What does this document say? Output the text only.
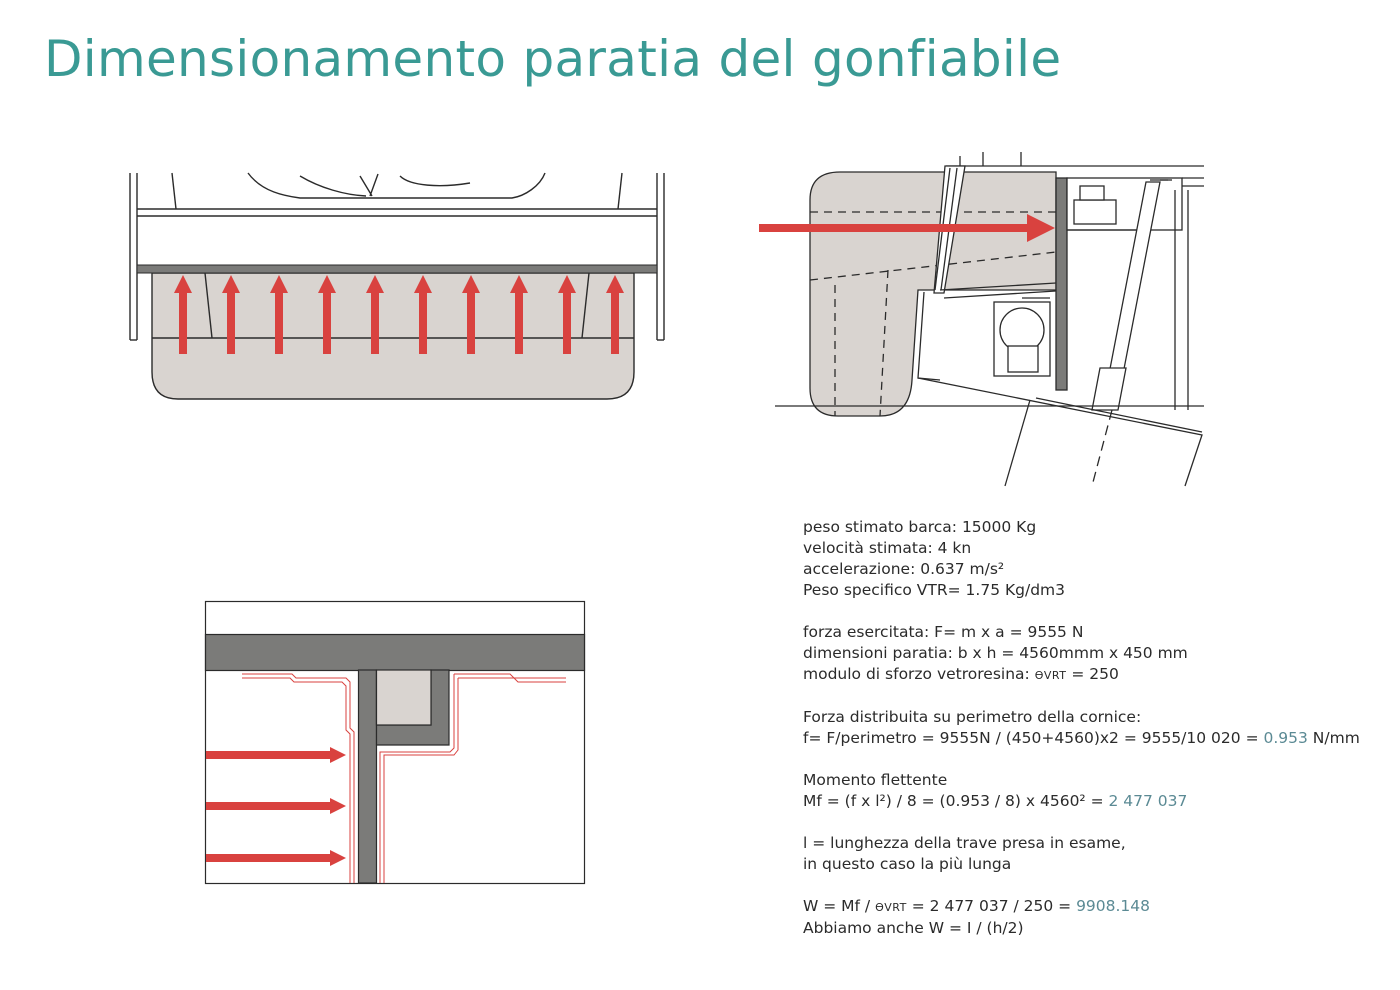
Dimensionamento paratia del gonfiabile
peso stimato barca: 15000 Kg
velocità stimata: 4 kn
accelerazione: 0.637 m/s²
Peso specifico VTR= 1.75 Kg/dm3
forza esercitata: F= m x a = 9555 N
dimensioni paratia: b x h = 4560mmm x 450 mm
modulo di sforzo vetroresina: ϴVRT = 250
Forza distribuita su perimetro della cornice:
f= F/perimetro = 9555N / (450+4560)x2 = 9555/10 020 = 0.953 N/mm
Momento flettente
Mf = (f x l²) / 8 = (0.953 / 8) x 4560² = 2 477 037
l = lunghezza della trave presa in esame,
in questo caso la più lunga
W = Mf / ϴVRT = 2 477 037 / 250 = 9908.148
Abbiamo anche W = I / (h/2)
